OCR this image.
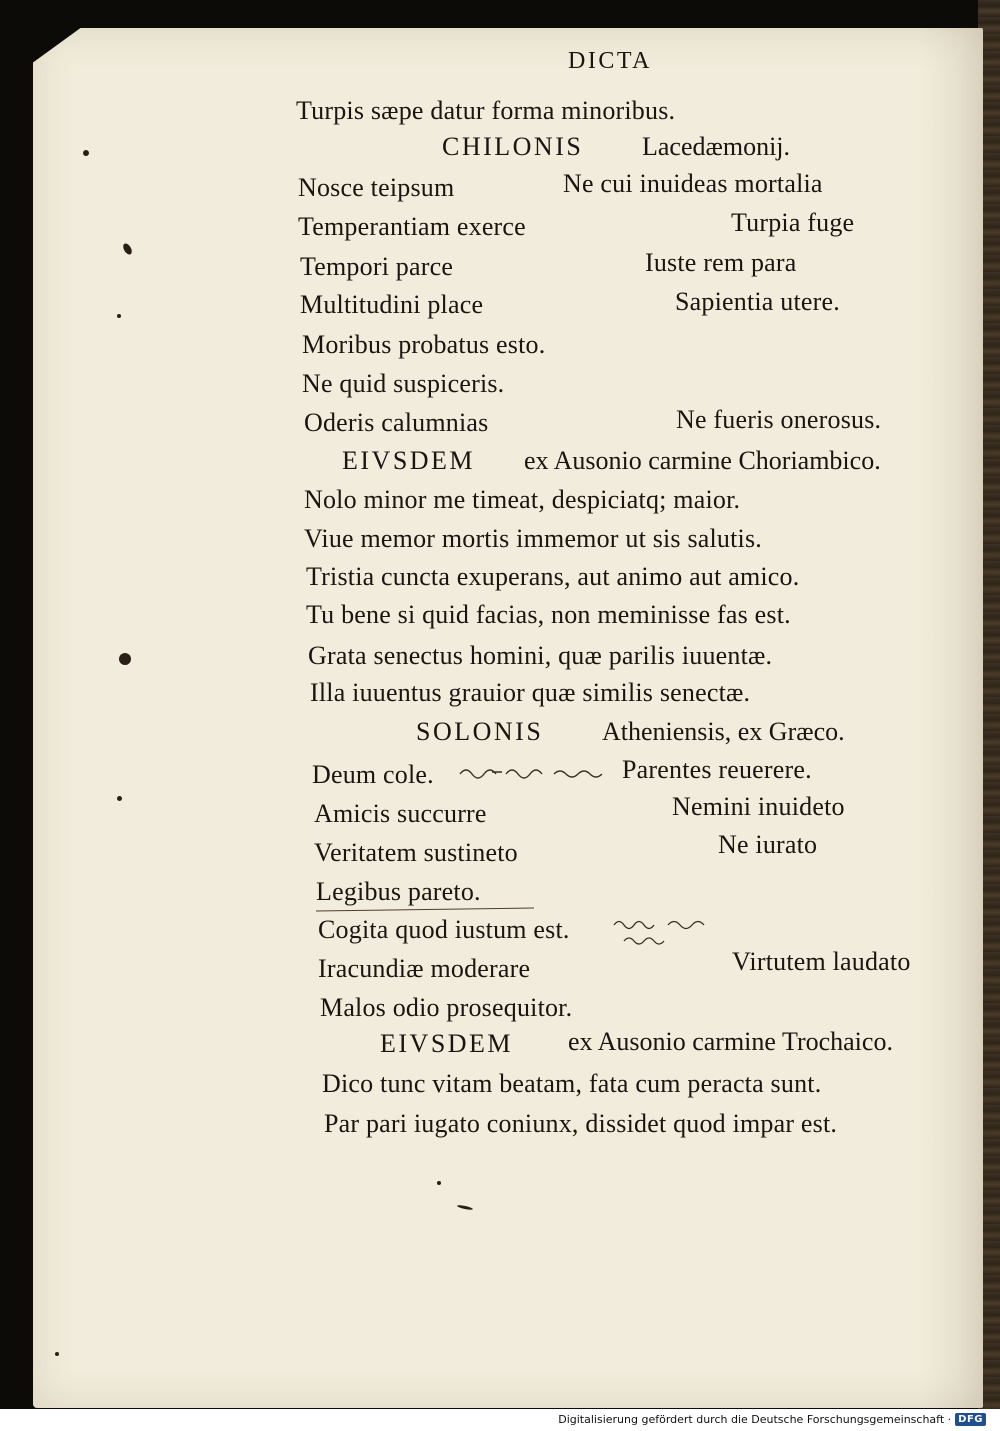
DICTA
Turpis sæpe datur forma minoribus.
CHILONIS Lacedæmonij.
Nosce teipsum	Ne cui inuideas mortalia
Temperantiam exerce	Turpia fuge
Tempori parce	Iuste rem para
Multitudini place	Sapientia utere.
Moribus probatus esto.
Ne quid suspiceris.
Oderis calumnias	Ne fueris onerosus.
EIVSDEM ex Ausonio carmine Choriambico.
Nolo minor me timeat, despiciatq; maior.
Viue memor mortis immemor ut sis salutis.
Tristia cuncta exuperans, aut animo aut amico.
Tu bene si quid facias, non meminisse fas est.
Grata senectus homini, quæ parilis iuuentæ.
Illa iuuentus grauior quæ similis senectæ.
SOLONIS Atheniensis, ex Græco.
Deum cole.	Parentes reuerere.
Amicis succurre	Nemini inuideto
Veritatem sustineto	Ne iurato
Legibus pareto.
Cogita quod iustum est.
Iracundiæ moderare	Virtutem laudato
Malos odio prosequitor.
EIVSDEM ex Ausonio carmine Trochaico.
Dico tunc vitam beatam, fata cum peracta sunt.
Par pari iugato coniunx, dissidet quod impar est.
Digitalisierung gefördert durch die Deutsche Forschungsgemeinschaft · DFG
